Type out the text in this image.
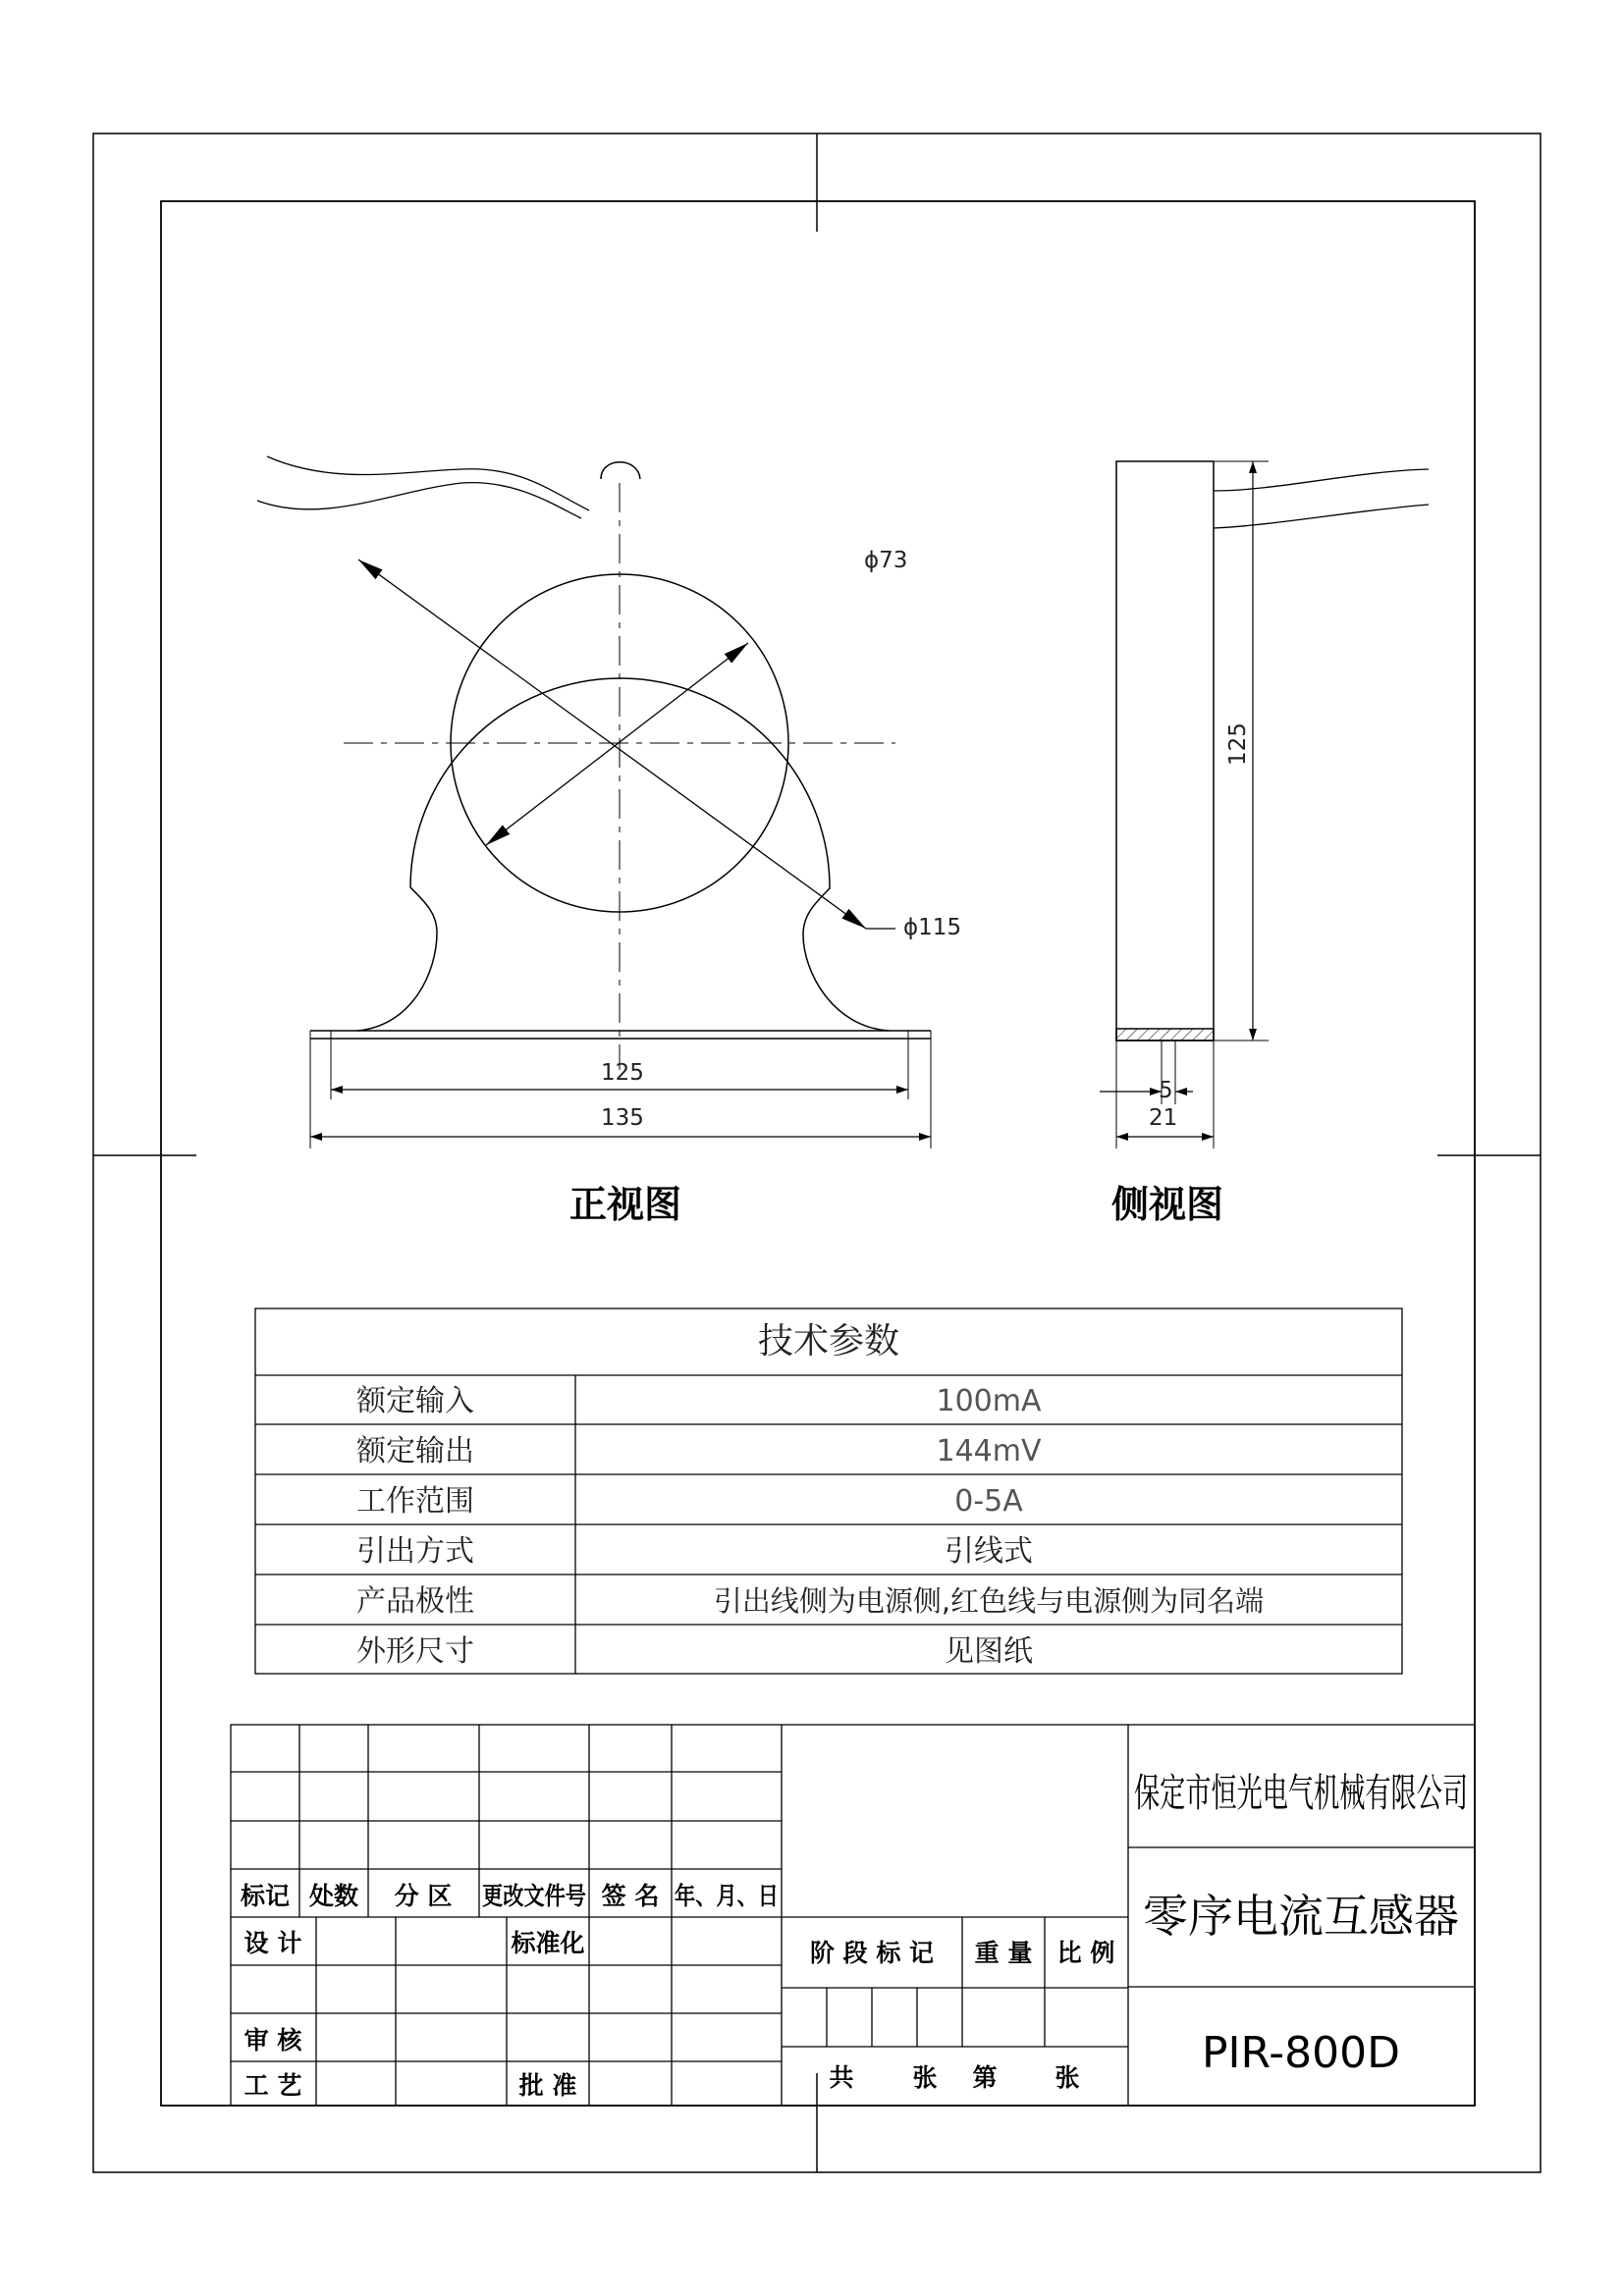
ϕ73
ϕ115
125
135
正视图
125
5
21
侧视图
技术参数
额定输入	100mA
额定输出	144mV
工作范围	0-5A
引出方式	引线式
产品极性	引出线侧为电源侧,红色线与电源侧为同名端
外形尺寸	见图纸
保定市恒光电气机械有限公司
零序电流互感器
PIR-800D
标记 处数 分 区 更改文件号 签 名 年、月、日
设 计	标准化
审 核
工 艺	批 准
阶 段 标 记 重 量 比 例
共 张 第 张
